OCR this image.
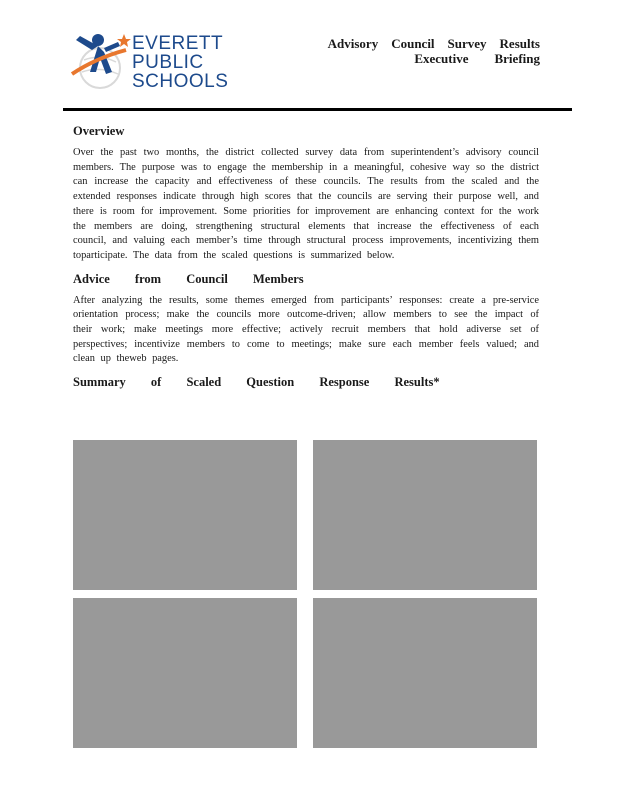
EVERETT
PUBLIC
SCHOOLS
Advisory    Council    Survey    Results
Executive        Briefing
Overview

Over the past two months, the district collected survey data from superintendent’s advisory council members. The purpose was to engage the membership in a meaningful, cohesive way so the district can increase the capacity and effectiveness of these councils. The results from the scaled and the extended responses indicate through high scores that the councils are serving their purpose well, and there is room for improvement. Some priorities for improvement are enhancing context for the work the members are doing, strengthening structural elements that increase the effectiveness of each council, and valuing each member’s time through structural process improvements, incentivizing them toparticipate. The data from the scaled questions is summarized below.

Advice from Council Members

After analyzing the results, some themes emerged from participants’ responses: create a pre-service orientation process; make the councils more outcome-driven; allow members to see the impact of their work; make meetings more effective; actively recruit members that hold adiverse set of perspectives; incentivize members to come to meetings; make sure each member feels valued; and clean up theweb pages.

Summary of Scaled Question Response Results*
